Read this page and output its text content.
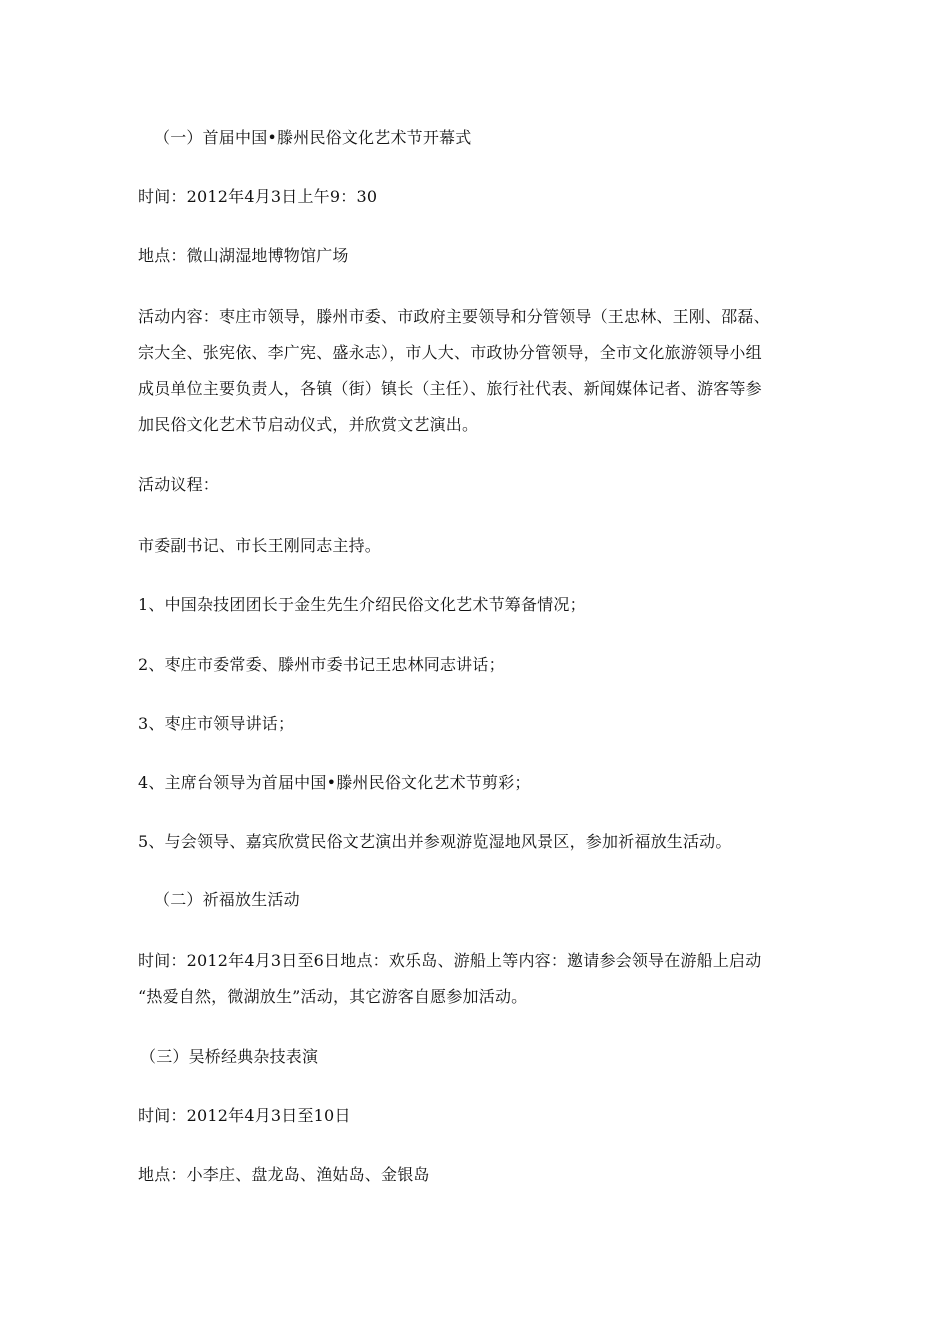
（一）首届中国•滕州民俗文化艺术节开幕式
时间：2012年4月3日上午9：30
地点：微山湖湿地博物馆广场
活动内容：枣庄市领导，滕州市委、市政府主要领导和分管领导（王忠林、王刚、邵磊、
宗大全、张宪依、李广宪、盛永志），市人大、市政协分管领导，全市文化旅游领导小组
成员单位主要负责人，各镇（街）镇长（主任）、旅行社代表、新闻媒体记者、游客等参
加民俗文化艺术节启动仪式，并欣赏文艺演出。
活动议程：
市委副书记、市长王刚同志主持。
1、中国杂技团团长于金生先生介绍民俗文化艺术节筹备情况；
2、枣庄市委常委、滕州市委书记王忠林同志讲话；
3、枣庄市领导讲话；
4、主席台领导为首届中国•滕州民俗文化艺术节剪彩；
5、与会领导、嘉宾欣赏民俗文艺演出并参观游览湿地风景区，参加祈福放生活动。
（二）祈福放生活动
时间：2012年4月3日至6日地点：欢乐岛、游船上等内容：邀请参会领导在游船上启动
“热爱自然，微湖放生”活动，其它游客自愿参加活动。
（三）吴桥经典杂技表演
时间：2012年4月3日至10日
地点：小李庄、盘龙岛、渔姑岛、金银岛
